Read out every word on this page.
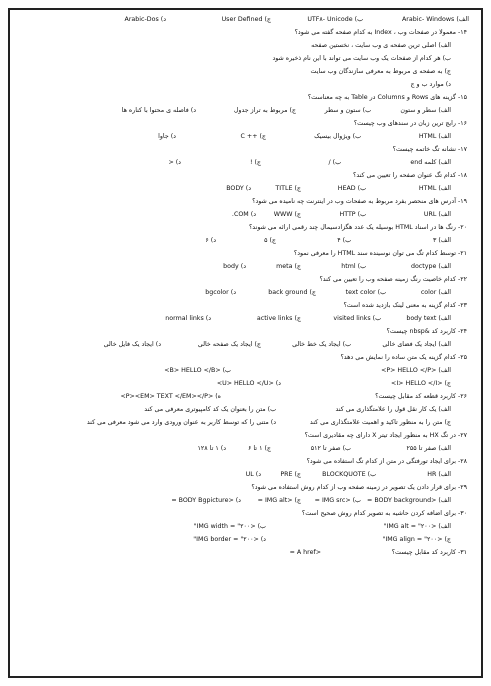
الف) Arabic- Windows
ب) UTF۸- Unicode
ج) User Defined
د) Arabic-Dos
۱۴- معمولا در صفحات وب ، Index به کدام صفحه گفته می شود؟
الف) اصلی ترین صفحه ی وب سایت ، نخستین صفحه
ب) هر کدام از صفحات یک وب سایت می تواند با این نام ذخیره شود
ج) به صفحه ی مربوط به معرفی سازندگان وب سایت
د) موارد ب و ج
۱۵- گزینه های Rows و Columns در Table به چه معناست؟
الف) سطر و ستون
ب) ستون و سطر
ج) مربوط به تراز جدول
د) فاصله ی محتوا با کناره ها
۱۶- رایج ترین زبان در سندهای وب چیست؟
الف) HTML
ب) ویژوال بیسیک
ج) ++ C
د) جاوا
۱۷- نشانه تگ خاتمه چیست؟
الف) کلمه end
ب) /
ج) !
د) <
۱۸- کدام تگ عنوان صفحه را تعیین می کند؟
الف) HTML
ب) HEAD
ج) TITLE
د) BODY
۱۹- آدرس های منحصر بفرد مربوط به صفحات وب در اینترنت چه نامیده می شود؟
الف) URL
ب) HTTP
ج) WWW
د) COM.
۲۰- رنگ ها در اسناد HTML بوسیله یک عدد هگزادسیمال چند رقمی ارائه می شوند؟
الف) ۳
ب) ۴
ج) ۵
د) ۶
۲۱- توسط کدام تگ می توان نوسینده سند HTML را معرفی نمود؟
الف) doctype
ب) html
ج) meta
د) body
۲۲- کدام خاصیت رنگ زمینه صفحه وب را تعیین می کند؟
الف) color
ب) text color
ج) back ground
د) bgcolor
۲۳- کدام گزینه به معنی لینک بازدید شده است؟
الف) body text
ب) visited links
ج) active links
د) normal links
۲۴- کاربرد کد &nbsp چیست؟
الف) ایجاد یک فضای خالی
ب) ایجاد یک خط خالی
ج) ایجاد یک صفحه خالی
د) ایجاد یک فایل خالی
۲۵- کدام گزینه یک متن ساده را نمایش می دهد؟
الف) <P> HELLO </P>
ب) <B> HELLO </B>
ج) <I> HELLO </I>
د) <U> HELLO </U>
ه) <P><EM> TEXT </EM></P>	۲۶- کاربرد قطعه کد مقابل چیست؟
الف) یک کار نقل قول را علامتگذاری می کند
ب) متن را بعنوان یک کد کامپیوتری معرفی می کند
ج) متن را به منظور تاکید و اهمیت علامتگذاری می کند
د) متنی را که توسط کاربر به عنوان ورودی وارد می شود معرفی می کند
۲۷- در تگ HX به منظور ایجاد تیتر X دارای چه مقادیری است؟
الف) صفر تا ۲۵۵
ب) صفر تا ۵۱۲
ج) ۱ تا ۶
د) ۱ تا ۱۲۸
۲۸- برای ایجاد تورفتگی در متن از کدام تگ استفاده می شود؟
الف) HR
ب) BLOCKQUOTE
ج) PRE
د) UL
۲۹- برای قرار دادن یک تصویر در زمینه صفحه وب از کدام روش استفاده می شود؟
الف) <BODY background =
ب) <IMG src =
ج) <IMG alt =
د) <BODY Bgpicture =
۳۰- برای اضافه کردن حاشیه به تصویر کدام روش صحیح است؟
الف) <IMG alt = "۲۰۰"
ب) <IMG width = "۲۰۰"
ج) <IMG align = "۲۰۰"
د) <IMG border = "۲۰۰"
۳۱- کاربرد کد مقابل چیست؟
<A href =
